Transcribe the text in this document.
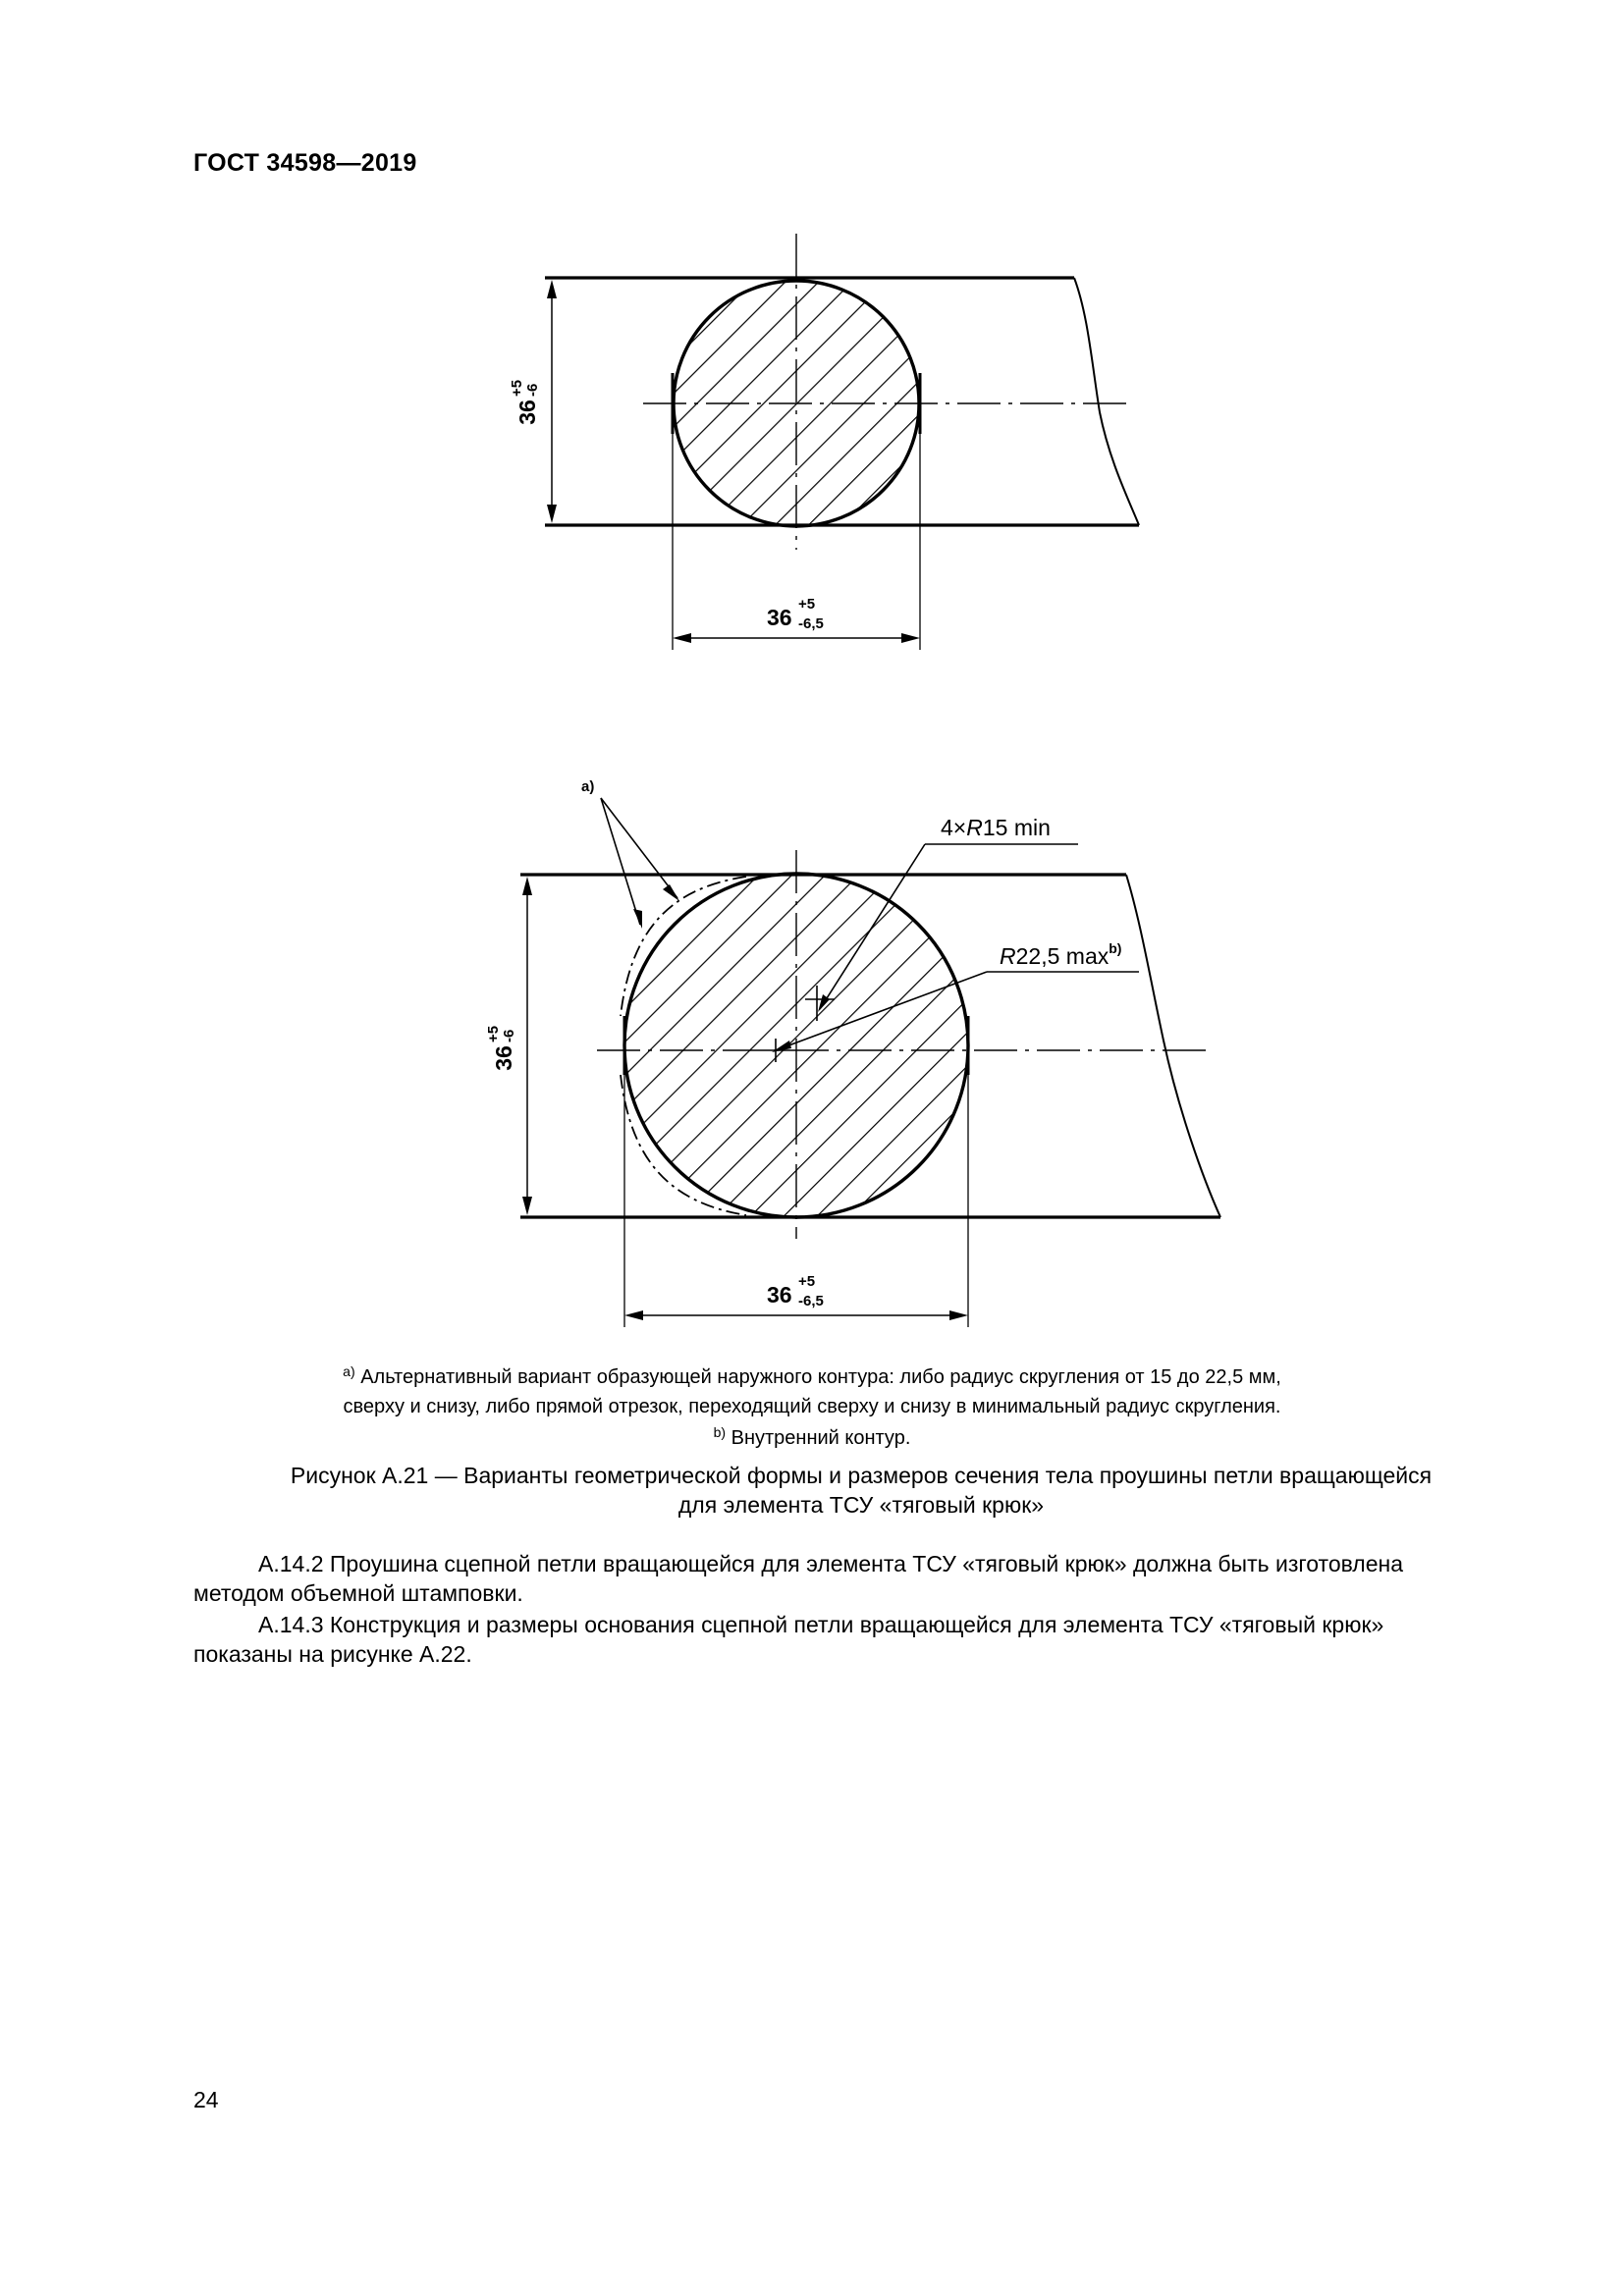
ГОСТ 34598—2019
36
+5 -6
36
+5
-6,5
а)
4×R15 min
R22,5 $\max^{b)}$
36
+5 -6
36
+5
-6,5
$^{a)}$ Альтернативный вариант образующей наружного контура: либо радиус скругления от 15 до 22,5 мм,
сверху и снизу, либо прямой отрезок, переходящий сверху и снизу в минимальный радиус скругления.
$^{b)}$ Внутренний контур.
Рисунок А.21 — Варианты геометрической формы и размеров сечения тела проушины петли вращающейся
для элемента ТСУ «тяговый крюк»
А.14.2 Проушина сцепной петли вращающейся для элемента ТСУ «тяговый крюк» должна быть изготовлена
методом объемной штамповки.
А.14.3 Конструкция и размеры основания сцепной петли вращающейся для элемента ТСУ «тяговый крюк»
показаны на рисунке А.22.
24
